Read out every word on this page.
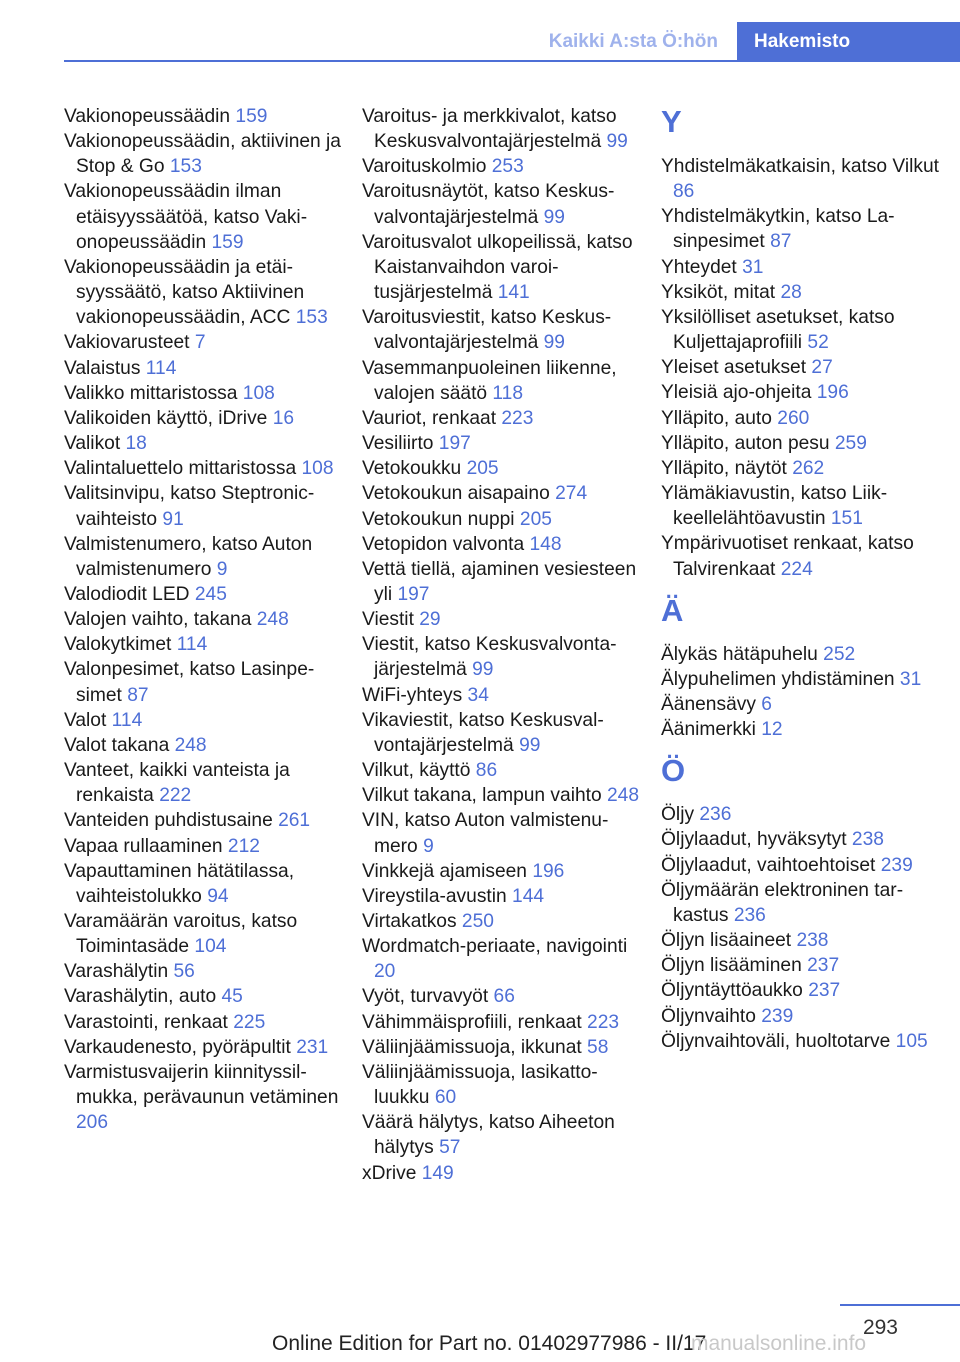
Kaikki A:sta Ö:hön	Hakemisto
Vakionopeussäädin 159
Vakionopeussäädin, aktiivinen ja Stop & Go 153
Vakionopeussäädin ilman etäisyyssäätöä, katso Vakionopeussäädin 159
Vakionopeussäädin ja etäisyyssäätö, katso Aktiivinen vakionopeussäädin, ACC 153
Vakiovarusteet 7
Valaistus 114
Valikko mittaristossa 108
Valikoiden käyttö, iDrive 16
Valikot 18
Valintaluettelo mittaristossa 108
Valitsinvipu, katso Steptronic-vaihteisto 91
Valmistenumero, katso Auton valmistenumero 9
Valodiodit LED 245
Valojen vaihto, takana 248
Valokytkimet 114
Valonpesimet, katso Lasinpesimet 87
Valot 114
Valot takana 248
Vanteet, kaikki vanteista ja renkaista 222
Vanteiden puhdistusaine 261
Vapaa rullaaminen 212
Vapauttaminen hätätilassa, vaihteistolukko 94
Varamäärän varoitus, katso Toimintasäde 104
Varashälytin 56
Varashälytin, auto 45
Varastointi, renkaat 225
Varkaudenesto, pyöräpultit 231
Varmistusvaijerin kiinnityssilmukka, perävaunun vetäminen 206
Varoitus- ja merkkivalot, katso Keskusvalvontajärjestelmä 99
Varoituskolmio 253
Varoitusnäytöt, katso Keskusvalvontajärjestelmä 99
Varoitusvalot ulkopeilissä, katso Kaistanvaihdon varoitusjärjestelmä 141
Varoitusviestit, katso Keskusvalvontajärjestelmä 99
Vasemmanpuoleinen liikenne, valojen säätö 118
Vauriot, renkaat 223
Vesiliirto 197
Vetokoukku 205
Vetokoukun aisapaino 274
Vetokoukun nuppi 205
Vetopidon valvonta 148
Vettä tiellä, ajaminen vesiesteen yli 197
Viestit 29
Viestit, katso Keskusvalvontajärjestelmä 99
WiFi-yhteys 34
Vikaviestit, katso Keskusvalvontajärjestelmä 99
Vilkut, käyttö 86
Vilkut takana, lampun vaihto 248
VIN, katso Auton valmistenumero 9
Vinkkejä ajamiseen 196
Vireystila-avustin 144
Virtakatkos 250
Wordmatch-periaate, navigointi 20
Vyöt, turvavyöt 66
Vähimmäisprofiili, renkaat 223
Väliinjäämissuoja, ikkunat 58
Väliinjäämissuoja, lasikattoluukku 60
Väärä hälytys, katso Aiheeton hälytys 57
xDrive 149
Y
Yhdistelmäkatkaisin, katso Vilkut 86
Yhdistelmäkytkin, katso Lasinpesimet 87
Yhteydet 31
Yksiköt, mitat 28
Yksilölliset asetukset, katso Kuljettajaprofiili 52
Yleiset asetukset 27
Yleisiä ajo-ohjeita 196
Ylläpito, auto 260
Ylläpito, auton pesu 259
Ylläpito, näytöt 262
Ylämäkiavustin, katso Liikkeellelähtöavustin 151
Ympärivuotiset renkaat, katso Talvirenkaat 224
Ä
Älykäs hätäpuhelu 252
Älypuhelimen yhdistäminen 31
Äänensävy 6
Äänimerkki 12
Ö
Öljy 236
Öljylaadut, hyväksytyt 238
Öljylaadut, vaihtoehtoiset 239
Öljymäärän elektroninen tarkastus 236
Öljyn lisäaineet 238
Öljyn lisääminen 237
Öljyntäyttöaukko 237
Öljynvaihto 239
Öljynvaihtoväli, huoltotarve 105
293
Online Edition for Part no. 01402977986 - II/17
manualsonline.info
